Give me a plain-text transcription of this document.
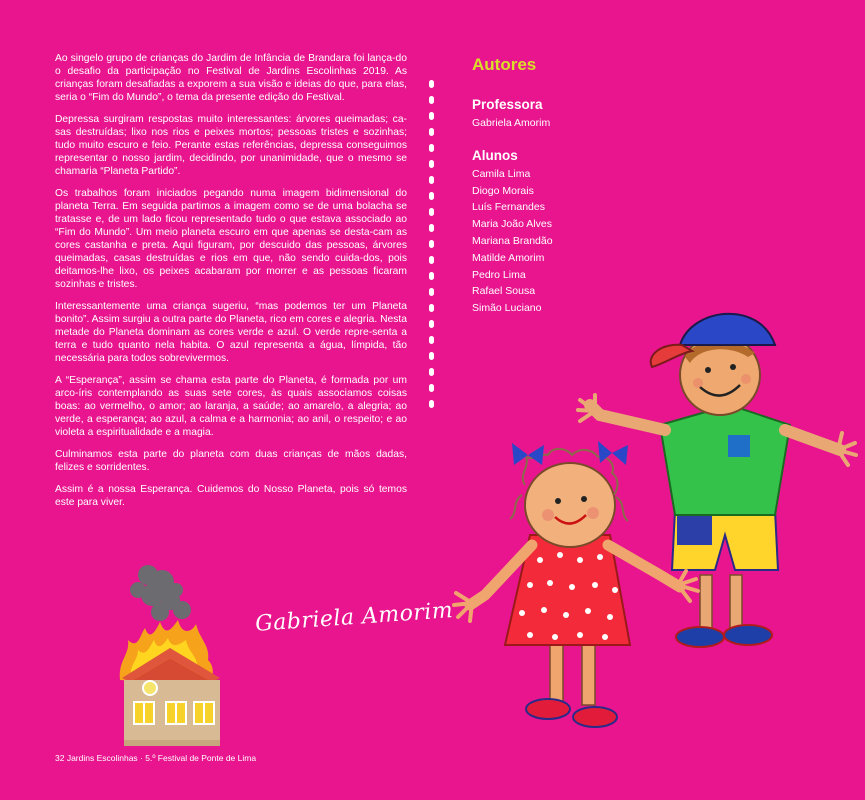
Ao singelo grupo de crianças do Jardim de Infância de Brandara foi lança-do o desafio da participação no Festival de Jardins Escolinhas 2019. As crianças foram desafiadas a exporem a sua visão e ideias do que, para elas, seria o “Fim do Mundo”, o tema da presente edição do Festival.

Depressa surgiram respostas muito interessantes: árvores queimadas; ca-sas destruídas; lixo nos rios e peixes mortos; pessoas tristes e sozinhas; tudo muito escuro e feio. Perante estas referências, depressa conseguimos representar o nosso jardim, decidindo, por unanimidade, que o mesmo se chamaria “Planeta Partido”.

Os trabalhos foram iniciados pegando numa imagem bidimensional do planeta Terra. Em seguida partimos a imagem como se de uma bolacha se tratasse e, de um lado ficou representado tudo o que estava associado ao “Fim do Mundo”. Um meio planeta escuro em que apenas se desta-cam as cores castanha e preta. Aqui figuram, por descuido das pessoas, árvores queimadas, casas destruídas e rios em que, não sendo cuida-dos, pois deitamos-lhe lixo, os peixes acabaram por morrer e as pessoas ficaram sozinhas e tristes.

Interessantemente uma criança sugeriu, “mas podemos ter um Planeta bonito”. Assim surgiu a outra parte do Planeta, rico em cores e alegria. Nesta metade do Planeta dominam as cores verde e azul. O verde repre-senta a terra e tudo quanto nela habita. O azul representa a água, límpida, tão necessária para todos sobrevivermos.

A “Esperança”, assim se chama esta parte do Planeta, é formada por um arco-íris contemplando as suas sete cores, às quais associamos coisas boas: ao vermelho, o amor; ao laranja, a saúde; ao amarelo, a alegria; ao verde, a esperança; ao azul, a calma e a harmonia; ao anil, o respeito; e ao violeta a espiritualidade e a magia.

Culminamos esta parte do planeta com duas crianças de mãos dadas, felizes e sorridentes.

Assim é a nossa Esperança. Cuidemos do Nosso Planeta, pois só temos este para viver.

Autores
Professora
Gabriela Amorim
Alunos
Camila Lima
Diogo Morais
Luís Fernandes
Maria João Alves
Mariana Brandão
Matilde Amorim
Pedro Lima
Rafael Sousa
Simão Luciano
Gabriela Amorim
32 Jardins Escolinhas · 5.º Festival de Ponte de Lima
